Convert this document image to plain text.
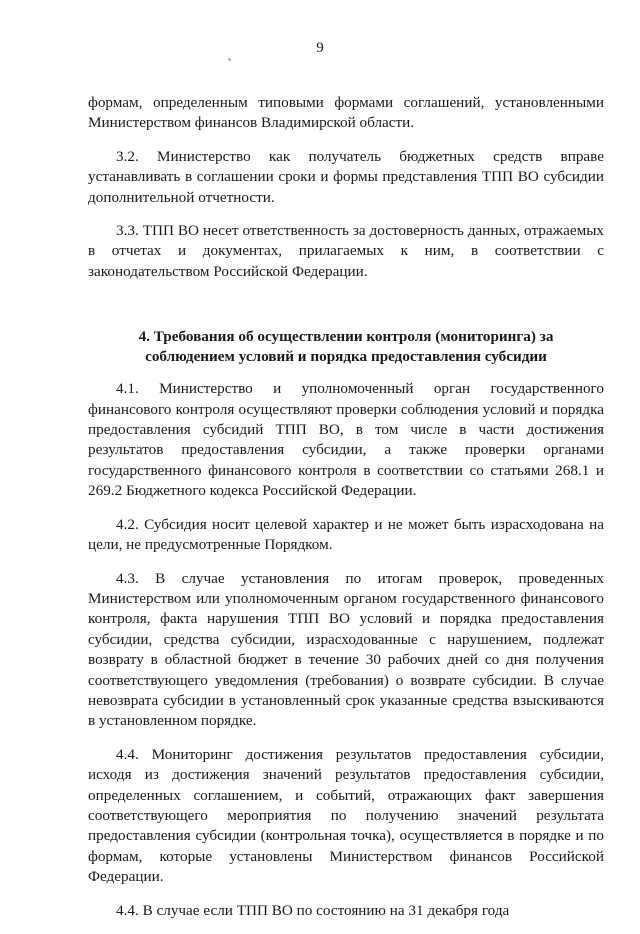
9

формам, определенным типовыми формами соглашений, установленными Министерством финансов Владимирской области.

3.2. Министерство как получатель бюджетных средств вправе устанавливать в соглашении сроки и формы представления ТПП ВО субсидии дополнительной отчетности.

3.3. ТПП ВО несет ответственность за достоверность данных, отражаемых в отчетах и документах, прилагаемых к ним, в соответствии с законодательством Российской Федерации.

4. Требования об осуществлении контроля (мониторинга) за соблюдением условий и порядка предоставления субсидии

4.1. Министерство и уполномоченный орган государственного финансового контроля осуществляют проверки соблюдения условий и порядка предоставления субсидий ТПП ВО, в том числе в части достижения результатов предоставления субсидии, а также проверки органами государственного финансового контроля в соответствии со статьями 268.1 и 269.2 Бюджетного кодекса Российской Федерации.

4.2. Субсидия носит целевой характер и не может быть израсходована на цели, не предусмотренные Порядком.

4.3. В случае установления по итогам проверок, проведенных Министерством или уполномоченным органом государственного финансового контроля, факта нарушения ТПП ВО условий и порядка предоставления субсидии, средства субсидии, израсходованные с нарушением, подлежат возврату в областной бюджет в течение 30 рабочих дней со дня получения соответствующего уведомления (требования) о возврате субсидии. В случае невозврата субсидии в установленный срок указанные средства взыскиваются в установленном порядке.

4.4. Мониторинг достижения результатов предоставления субсидии, исходя из достижения значений результатов предоставления субсидии, определенных соглашением, и событий, отражающих факт завершения соответствующего мероприятия по получению значений результата предоставления субсидии (контрольная точка), осуществляется в порядке и по формам, которые установлены Министерством финансов Российской Федерации.

4.4. В случае если ТПП ВО по состоянию на 31 декабря года
